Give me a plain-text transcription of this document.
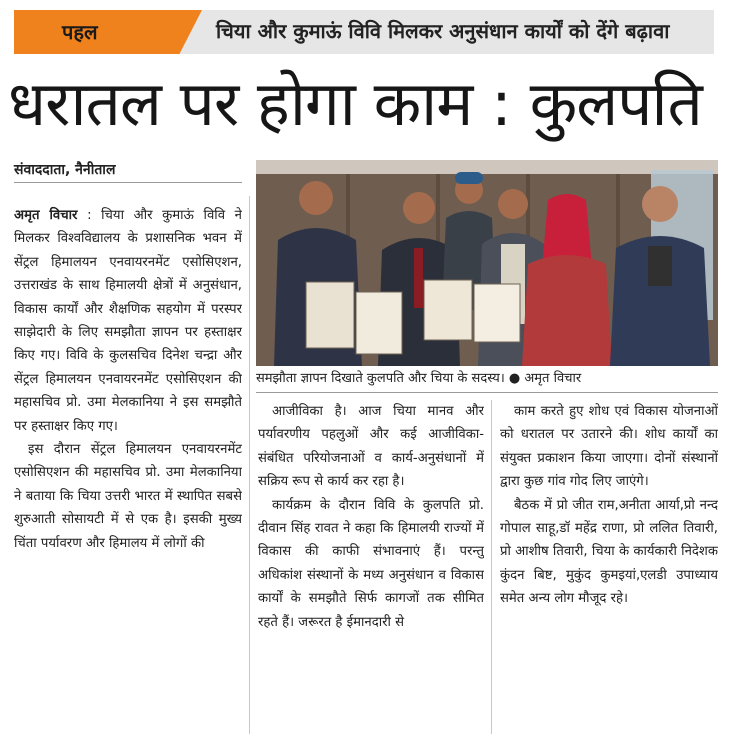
पहल	चिया और कुमाऊं विवि मिलकर अनुसंधान कार्यों को देंगे बढ़ावा
धरातल पर होगा काम : कुलपति
संवाददाता, नैनीताल

अमृत विचार : चिया और कुमाऊं विवि ने मिलकर विश्वविद्यालय के प्रशासनिक भवन में सेंट्रल हिमालयन एनवायरनमेंट एसोसिएशन, उत्तराखंड के साथ हिमालयी क्षेत्रों में अनुसंधान, विकास कार्यों और शैक्षणिक सहयोग में परस्पर साझेदारी के लिए समझौता ज्ञापन पर हस्ताक्षर किए गए। विवि के कुलसचिव दिनेश चन्द्रा और सेंट्रल हिमालयन एनवायरनमेंट एसोसिएशन की महासचिव प्रो. उमा मेलकानिया ने इस समझौते पर हस्ताक्षर किए गए।

इस दौरान सेंट्रल हिमालयन एनवायरनमेंट एसोसिएशन की महासचिव प्रो. उमा मेलकानिया ने बताया कि चिया उत्तरी भारत में स्थापित सबसे शुरुआती सोसायटी में से एक है। इसकी मुख्य चिंता पर्यावरण और हिमालय में लोगों की

समझौता ज्ञापन दिखाते कुलपति और चिया के सदस्य। ● अमृत विचार

आजीविका है। आज चिया मानव और पर्यावरणीय पहलुओं और कई आजीविका-संबंधित परियोजनाओं व कार्य-अनुसंधानों में सक्रिय रूप से कार्य कर रहा है।

कार्यक्रम के दौरान विवि के कुलपति प्रो. दीवान सिंह रावत ने कहा कि हिमालयी राज्यों में विकास की काफी संभावनाएं हैं। परन्तु अधिकांश संस्थानों के मध्य अनुसंधान व विकास कार्यों के समझौते सिर्फ कागजों तक सीमित रहते हैं। जरूरत है ईमानदारी से

काम करते हुए शोध एवं विकास योजनाओं को धरातल पर उतारने की। शोध कार्यों का संयुक्त प्रकाशन किया जाएगा। दोनों संस्थानों द्वारा कुछ गांव गोद लिए जाएंगे।

बैठक में प्रो जीत राम,अनीता आर्या,प्रो नन्द गोपाल साहू,डॉ महेंद्र राणा, प्रो ललित तिवारी, प्रो आशीष तिवारी, चिया के कार्यकारी निदेशक कुंदन बिष्ट, मुकुंद कुमइयां,एलडी उपाध्याय समेत अन्य लोग मौजूद रहे।
